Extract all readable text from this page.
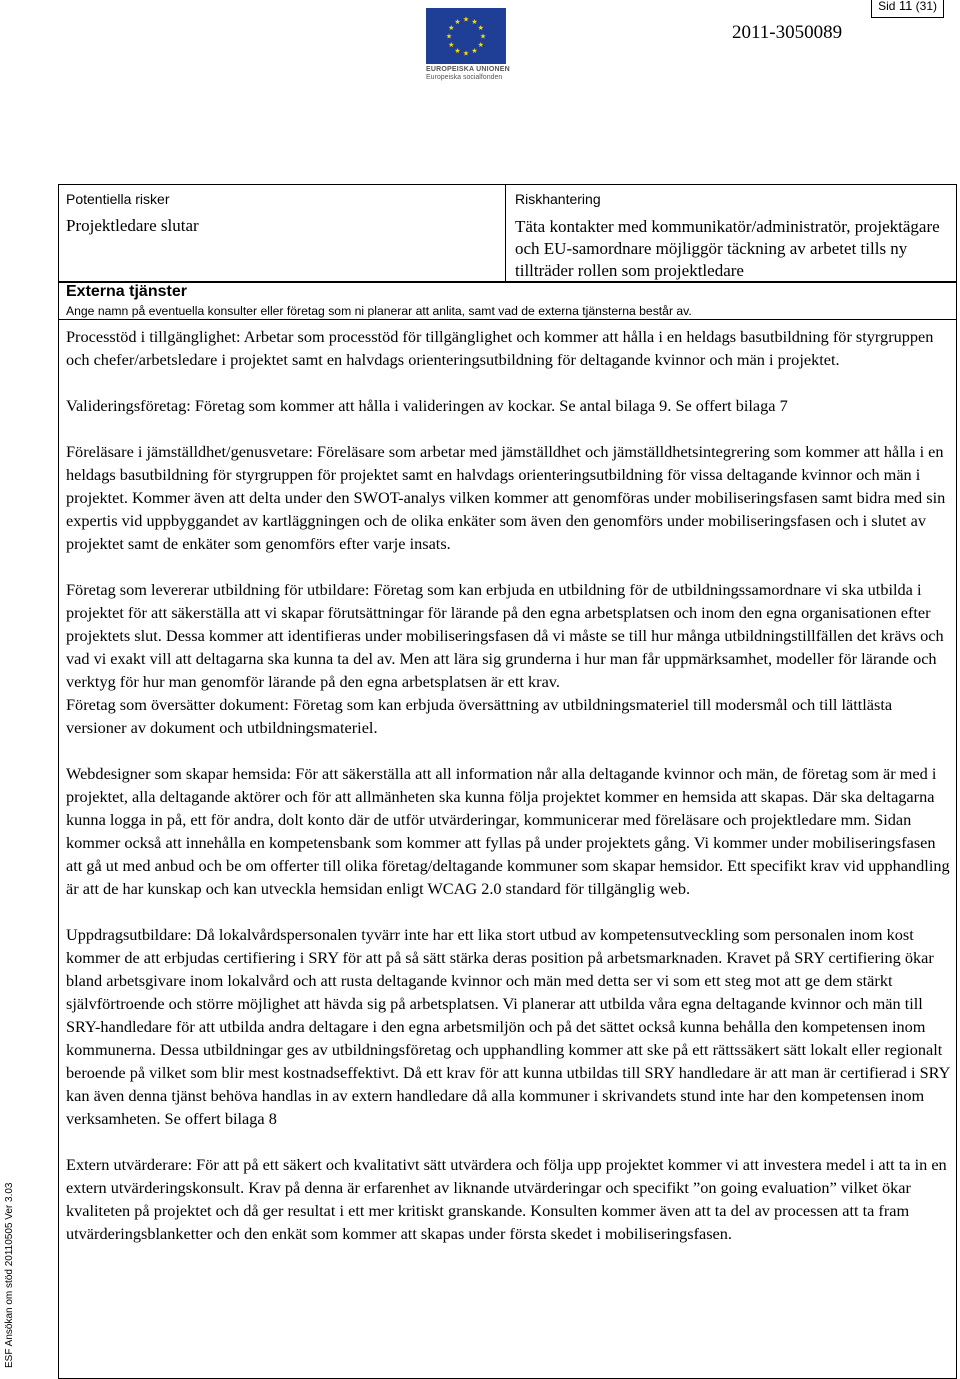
Sid 11 (31)
★ ★
★
★
★
★
★
★
★
★
★
★
EUROPEISKA UNIONEN
Europeiska socialfonden
2011-3050089
ESF Ansökan om stöd 20110505 Ver 3.03
Potentiella risker	Riskhantering
Projektledare slutar	Täta kontakter med kommunikatör/administratör, projektägare och EU-samordnare möjliggör täckning av arbetet tills ny tillträder rollen som projektledare
Externa tjänster
Ange namn på eventuella konsulter eller företag som ni planerar att anlita, samt vad de externa tjänsterna består av.

Processtöd i tillgänglighet: Arbetar som processtöd för tillgänglighet och kommer att hålla i en heldags basutbildning för styrgruppen och chefer/arbetsledare i projektet samt en halvdags orienteringsutbildning för deltagande kvinnor och män i projektet.

Valideringsföretag: Företag som kommer att hålla i valideringen av kockar. Se antal bilaga 9. Se offert bilaga 7

Föreläsare i jämställdhet/genusvetare: Föreläsare som arbetar med jämställdhet och jämställdhetsintegrering som kommer att hålla i en heldags basutbildning för styrgruppen för projektet samt en halvdags orienteringsutbildning för vissa deltagande kvinnor och män i projektet. Kommer även att delta under den SWOT-analys vilken kommer att genomföras under mobiliseringsfasen samt bidra med sin expertis vid uppbyggandet av kartläggningen och de olika enkäter som även den genomförs under mobiliseringsfasen och i slutet av projektet samt de enkäter som genomförs efter varje insats.

Företag som levererar utbildning för utbildare: Företag som kan erbjuda en utbildning för de utbildningssamordnare vi ska utbilda i projektet för att säkerställa att vi skapar förutsättningar för lärande på den egna arbetsplatsen och inom den egna organisationen efter projektets slut. Dessa kommer att identifieras under mobiliseringsfasen då vi måste se till hur många utbildningstillfällen det krävs och vad vi exakt vill att deltagarna ska kunna ta del av. Men att lära sig grunderna i hur man får uppmärksamhet, modeller för lärande och verktyg för hur man genomför lärande på den egna arbetsplatsen är ett krav.

Företag som översätter dokument: Företag som kan erbjuda översättning av utbildningsmateriel till modersmål och till lättlästa versioner av dokument och utbildningsmateriel.

Webdesigner som skapar hemsida: För att säkerställa att all information når alla deltagande kvinnor och män, de företag som är med i projektet, alla deltagande aktörer och för att allmänheten ska kunna följa projektet kommer en hemsida att skapas. Där ska deltagarna kunna logga in på, ett för andra, dolt konto där de utför utvärderingar, kommunicerar med föreläsare och projektledare mm. Sidan kommer också att innehålla en kompetensbank som kommer att fyllas på under projektets gång. Vi kommer under mobiliseringsfasen att gå ut med anbud och be om offerter till olika företag/deltagande kommuner som skapar hemsidor. Ett specifikt krav vid upphandling är att de har kunskap och kan utveckla hemsidan enligt WCAG 2.0 standard för tillgänglig web.

Uppdragsutbildare: Då lokalvårdspersonalen tyvärr inte har ett lika stort utbud av kompetensutveckling som personalen inom kost kommer de att erbjudas certifiering i SRY för att på så sätt stärka deras position på arbetsmarknaden. Kravet på SRY certifiering ökar bland arbetsgivare inom lokalvård och att rusta deltagande kvinnor och män med detta ser vi som ett steg mot att ge dem stärkt självförtroende och större möjlighet att hävda sig på arbetsplatsen. Vi planerar att utbilda våra egna deltagande kvinnor och män till SRY-handledare för att utbilda andra deltagare i den egna arbetsmiljön och på det sättet också kunna behålla den kompetensen inom kommunerna. Dessa utbildningar ges av utbildningsföretag och upphandling kommer att ske på ett rättssäkert sätt lokalt eller regionalt beroende på vilket som blir mest kostnadseffektivt. Då ett krav för att kunna utbildas till SRY handledare är att man är certifierad i SRY kan även denna tjänst behöva handlas in av extern handledare då alla kommuner i skrivandets stund inte har den kompetensen inom verksamheten. Se offert bilaga 8

Extern utvärderare: För att på ett säkert och kvalitativt sätt utvärdera och följa upp projektet kommer vi att investera medel i att ta in en extern utvärderingskonsult. Krav på denna är erfarenhet av liknande utvärderingar och specifikt ”on going evaluation” vilket ökar kvaliteten på projektet och då ger resultat i ett mer kritiskt granskande. Konsulten kommer även att ta del av processen att ta fram utvärderingsblanketter och den enkät som kommer att skapas under första skedet i mobiliseringsfasen.
